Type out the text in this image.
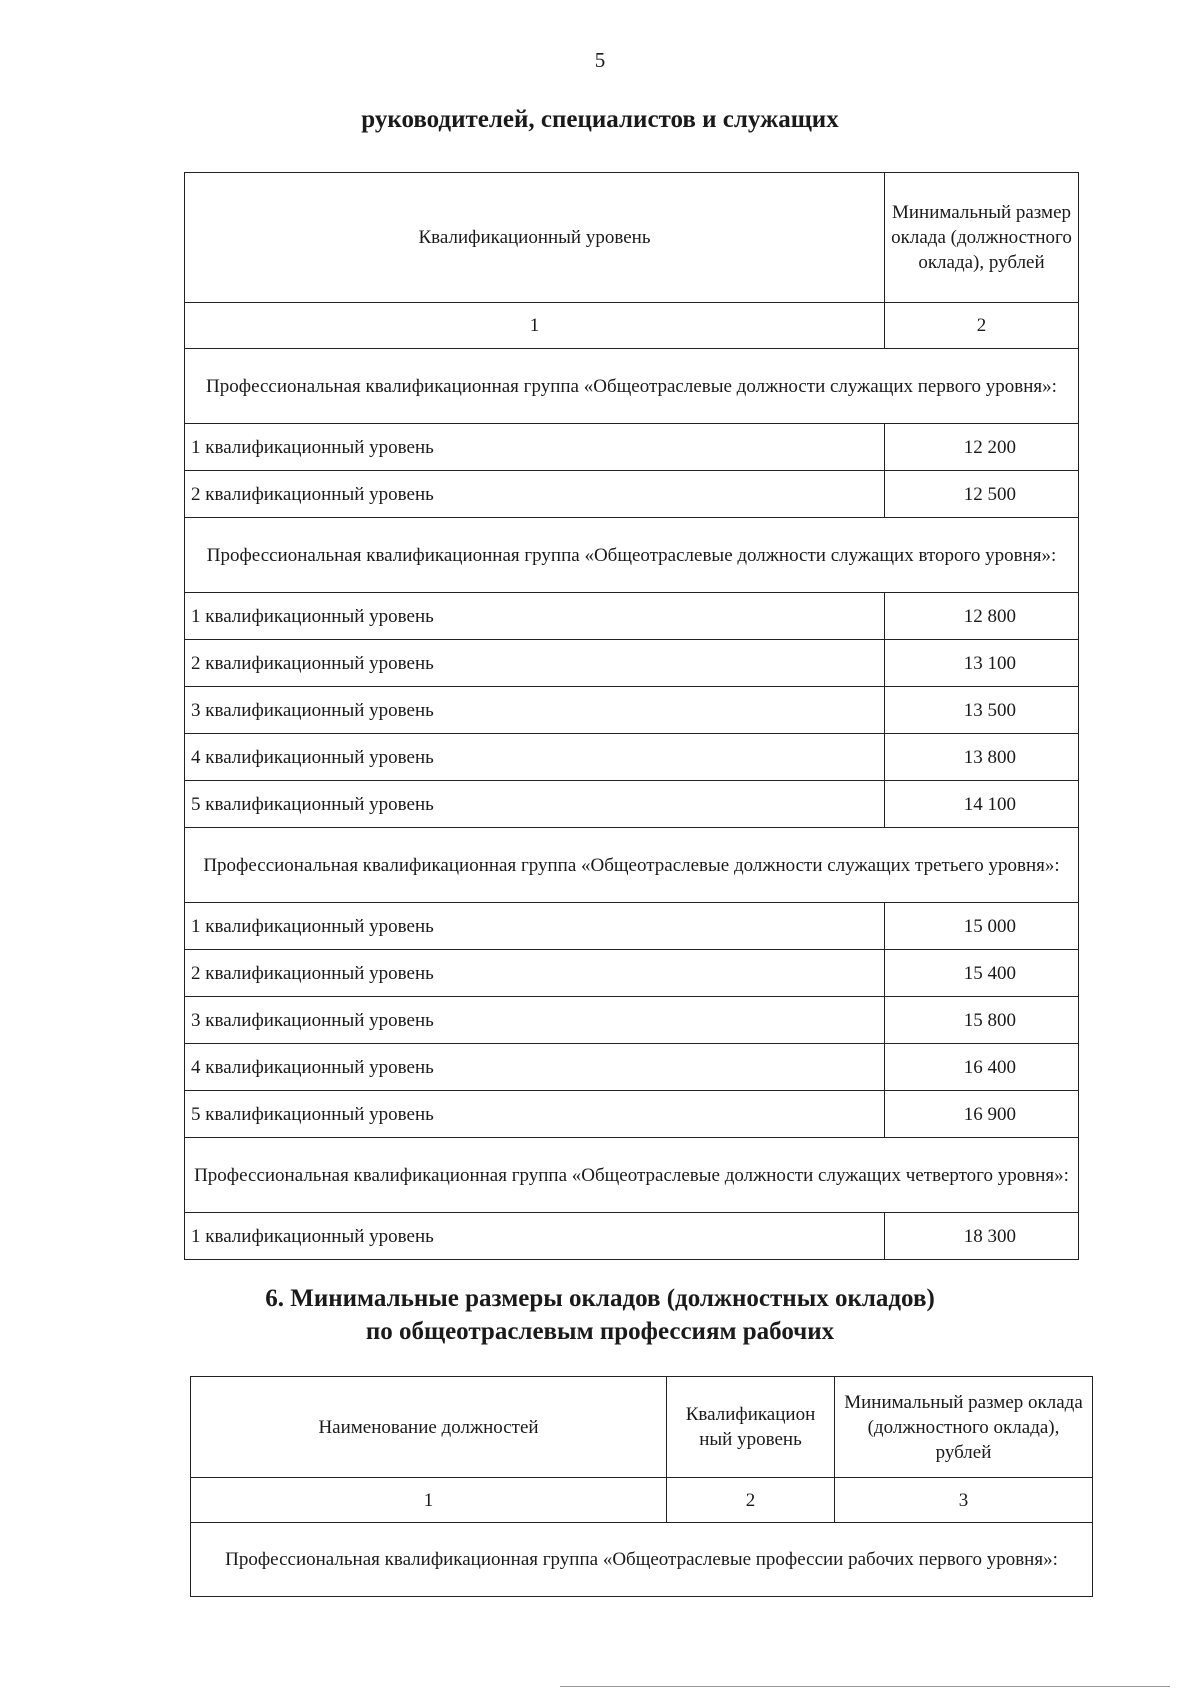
5
руководителей, специалистов и служащих
Квалификационный уровень	Минимальный размер оклада (должностного оклада), рублей
1	2
Профессиональная квалификационная группа «Общеотраслевые должности служащих первого уровня»:	
1 квалификационный уровень	12 200
2 квалификационный уровень	12 500
Профессиональная квалификационная группа «Общеотраслевые должности служащих второго уровня»:	
1 квалификационный уровень	12 800
2 квалификационный уровень	13 100
3 квалификационный уровень	13 500
4 квалификационный уровень	13 800
5 квалификационный уровень	14 100
Профессиональная квалификационная группа «Общеотраслевые должности служащих третьего уровня»:	
1 квалификационный уровень	15 000
2 квалификационный уровень	15 400
3 квалификационный уровень	15 800
4 квалификационный уровень	16 400
5 квалификационный уровень	16 900
Профессиональная квалификационная группа «Общеотраслевые должности служащих четвертого уровня»:	
1 квалификационный уровень	18 300
6. Минимальные размеры окладов (должностных окладов)
по общеотраслевым профессиям рабочих
Наименование должностей	Квалификацион ный уровень	Минимальный размер оклада (должностного оклада), рублей
1	2	3
Профессиональная квалификационная группа «Общеотраслевые профессии рабочих первого уровня»:		
